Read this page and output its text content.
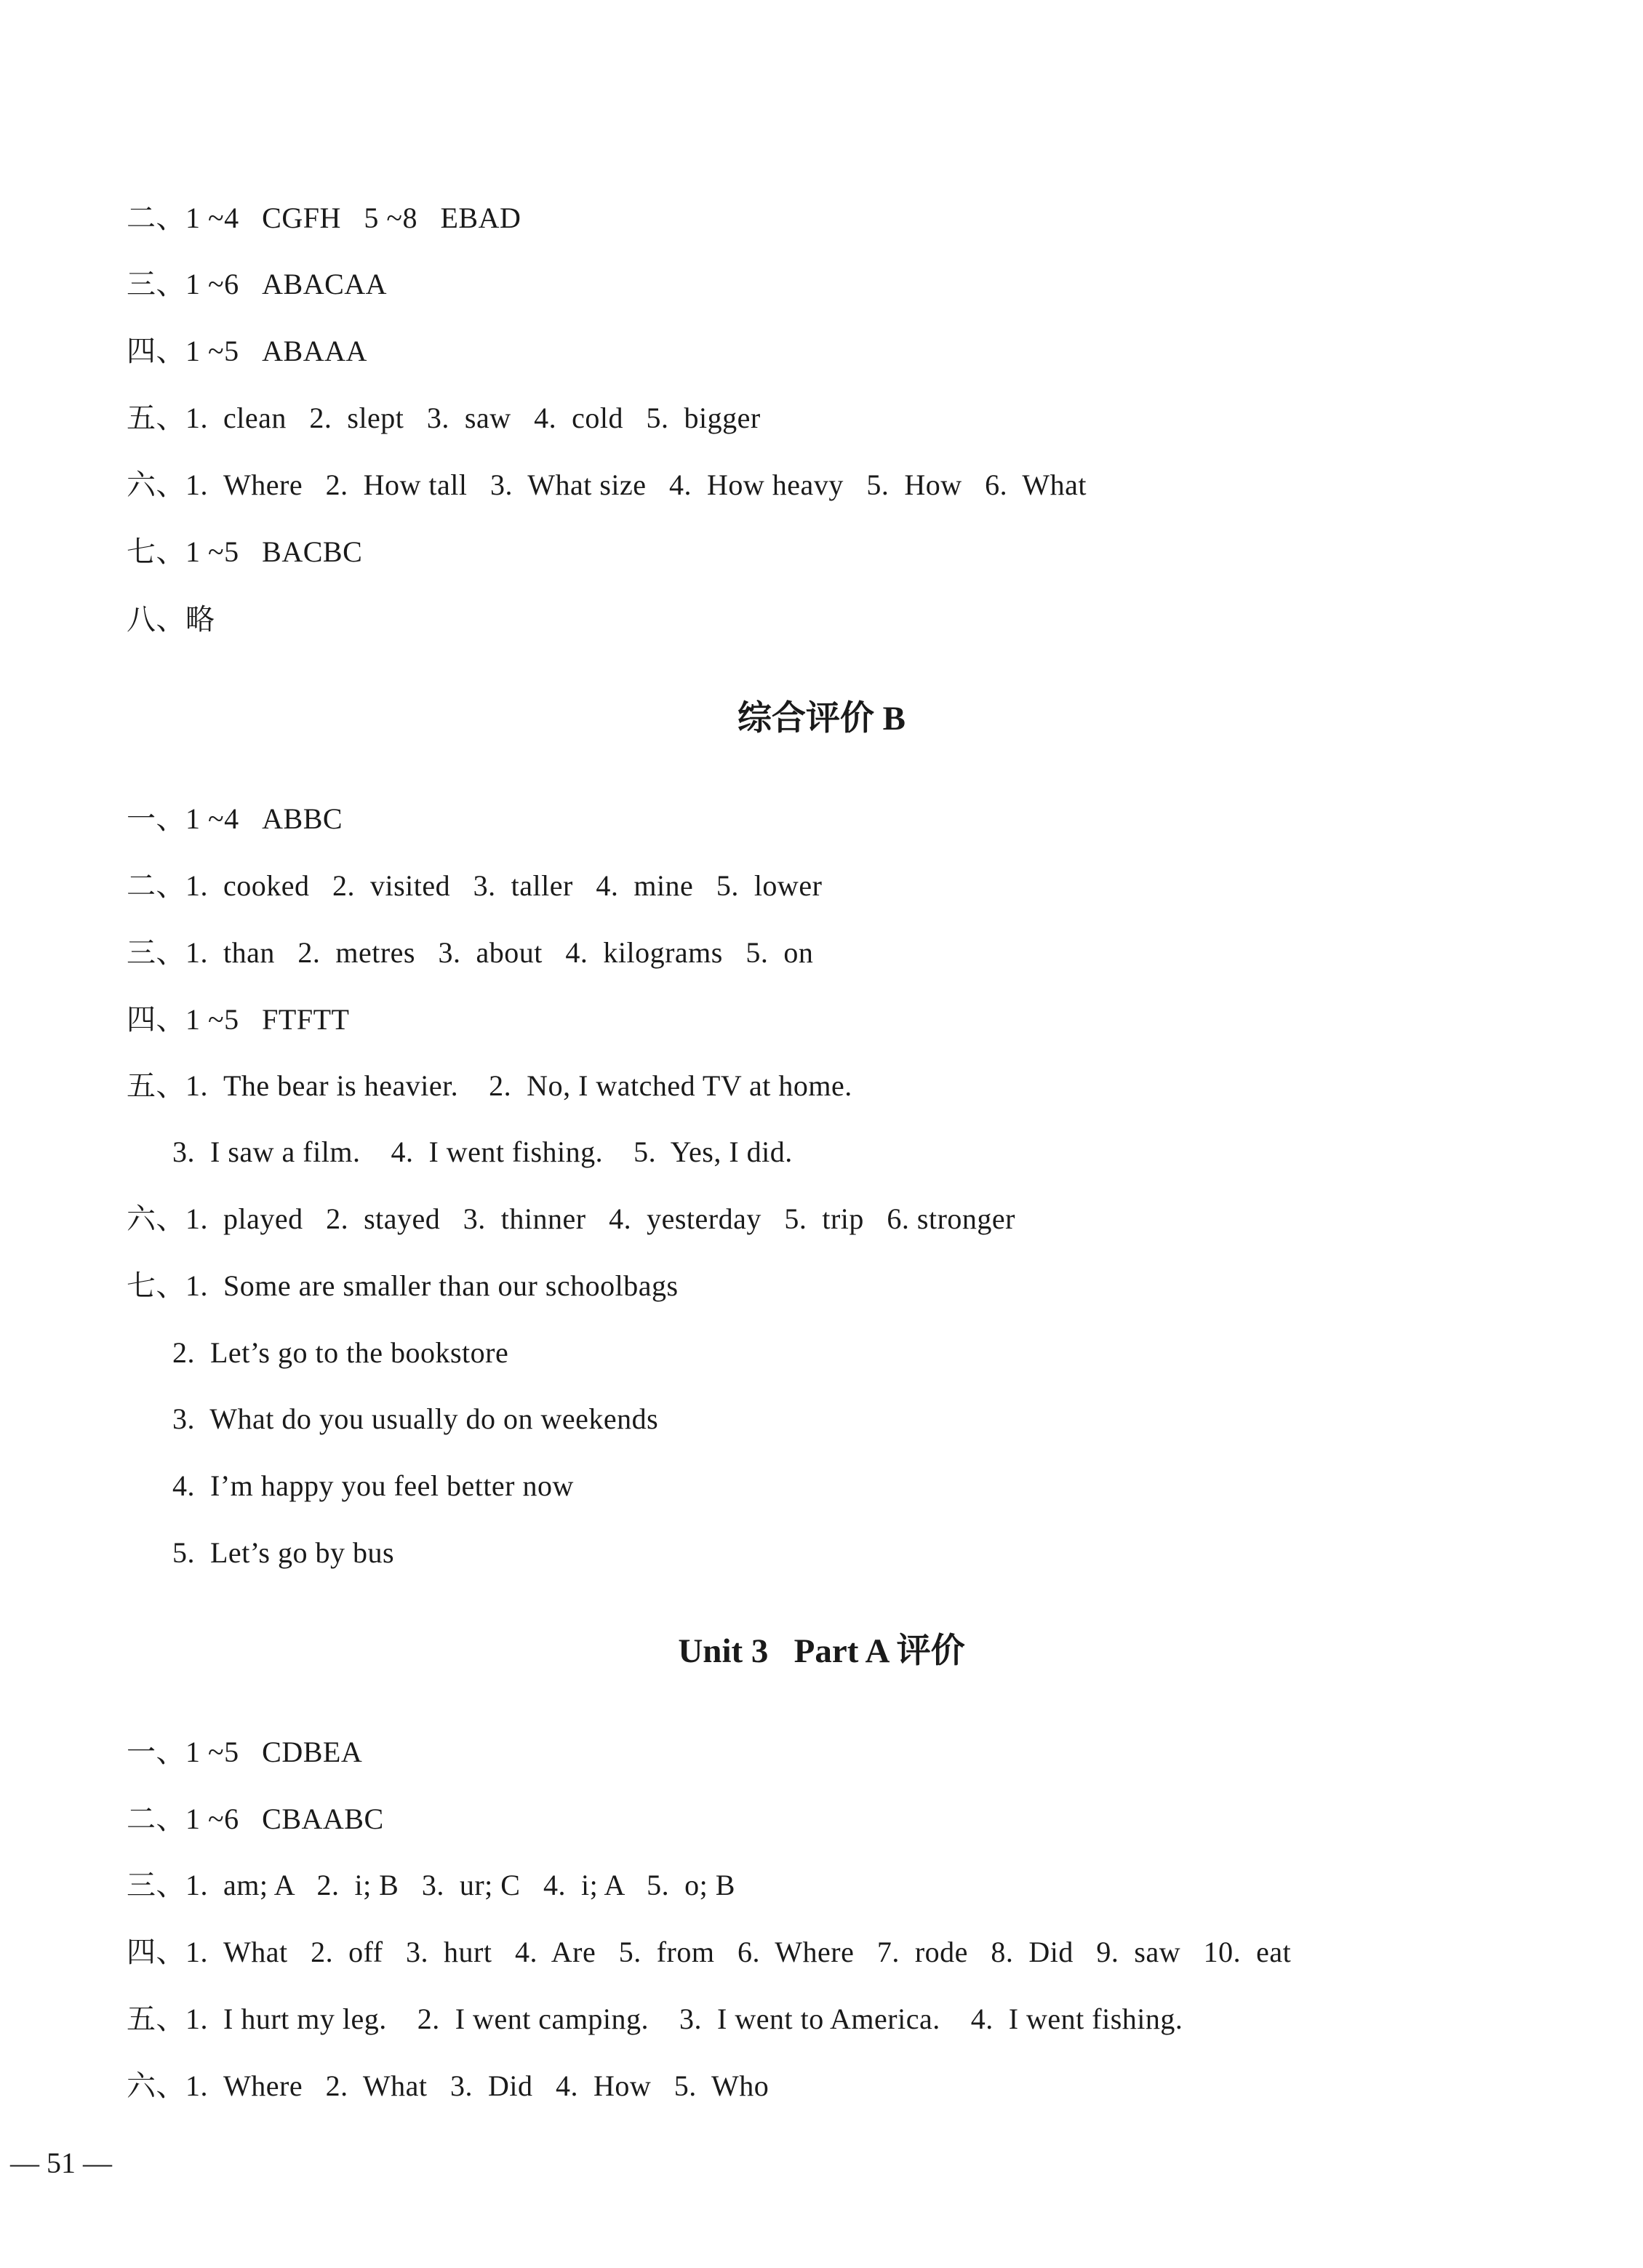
二、1 ~4   CGFH   5 ~8   EBAD
三、1 ~6   ABACAA
四、1 ~5   ABAAA
五、1.  clean   2.  slept   3.  saw   4.  cold   5.  bigger
六、1.  Where   2.  How tall   3.  What size   4.  How heavy   5.  How   6.  What
七、1 ~5   BACBC
八、略
综合评价 B
一、1 ~4   ABBC
二、1.  cooked   2.  visited   3.  taller   4.  mine   5.  lower
三、1.  than   2.  metres   3.  about   4.  kilograms   5.  on
四、1 ~5   FTFTT
五、1.  The bear is heavier.    2.  No, I watched TV at home.
3.  I saw a film.    4.  I went fishing.    5.  Yes, I did.
六、1.  played   2.  stayed   3.  thinner   4.  yesterday   5.  trip   6. stronger
七、1.  Some are smaller than our schoolbags
2.  Let’s go to the bookstore
3.  What do you usually do on weekends
4.  I’m happy you feel better now
5.  Let’s go by bus
Unit 3   Part A 评价
一、1 ~5   CDBEA
二、1 ~6   CBAABC
三、1.  am; A   2.  i; B   3.  ur; C   4.  i; A   5.  o; B
四、1.  What   2.  off   3.  hurt   4.  Are   5.  from   6.  Where   7.  rode   8.  Did   9.  saw   10.  eat
五、1.  I hurt my leg.    2.  I went camping.    3.  I went to America.    4.  I went fishing.
六、1.  Where   2.  What   3.  Did   4.  How   5.  Who
— 51 —
